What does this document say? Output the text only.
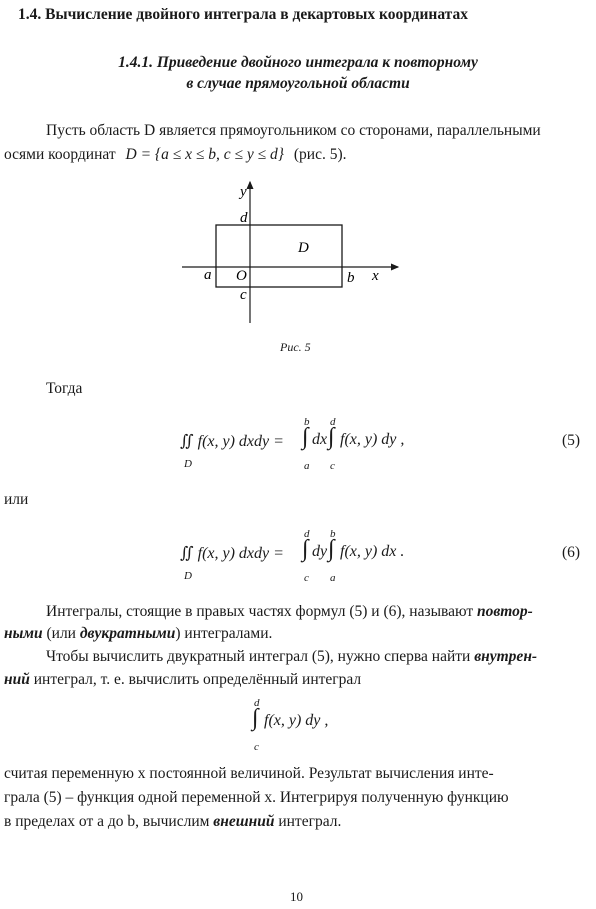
1.4. Вычисление двойного интеграла в декартовых координатах
1.4.1. Приведение двойного интеграла к повторному
в случае прямоугольной области
Пусть область D является прямоугольником со сторонами, параллельными
осями координат D = {a ≤ x ≤ b, c ≤ y ≤ d} (рис. 5).
y
x
d
c
a	b
O
D
Рис. 5
Тогда
∬ f(x, y) dxdy =
D
∫
b
a
dx ∫
d
c
f(x, y) dy ,	(5)
или
∬ f(x, y) dxdy =
D
∫
d
c
dy ∫
b
a
f(x, y) dx .	(6)
Интегралы, стоящие в правых частях формул (5) и (6), называют повтор-
ными (или двукратными) интегралами.
Чтобы вычислить двукратный интеграл (5), нужно сперва найти внутрен-
ний интеграл, т. е. вычислить определённый интеграл
∫
d
c
f(x, y) dy ,
считая переменную x постоянной величиной. Результат вычисления инте-
грала (5) – функция одной переменной x. Интегрируя полученную функцию
в пределах от a до b, вычислим внешний интеграл.
10
